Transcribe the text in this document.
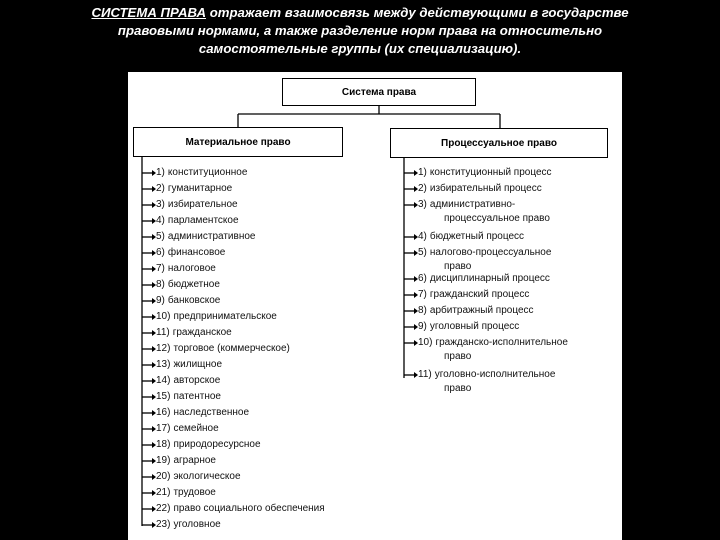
СИСТЕМА ПРАВА отражает взаимосвязь между действующими в государстве
правовыми нормами, а также разделение норм права на относительно
самостоятельные группы (их специализацию).
Система права
Материальное право	Процессуальное право
1) конституционное
2) гуманитарное
3) избирательное
4) парламентское
5) административное
6) финансовое
7) налоговое
8) бюджетное
9) банковское
10) предпринимательское
11) гражданское
12) торговое (коммерческое)
13) жилищное
14) авторское
15) патентное
16) наследственное
17) семейное
18) природоресурсное
19) аграрное
20) экологическое
21) трудовое
22) право социального обеспечения
23) уголовное
1) конституционный процесс
2) избирательный процесс
3) административно-
процессуальное право
4) бюджетный процесс
5) налогово-процессуальное
право
6) дисциплинарный процесс
7) гражданский процесс
8) арбитражный процесс
9) уголовный процесс
10) гражданско-исполнительное
право
11) уголовно-исполнительное
право
